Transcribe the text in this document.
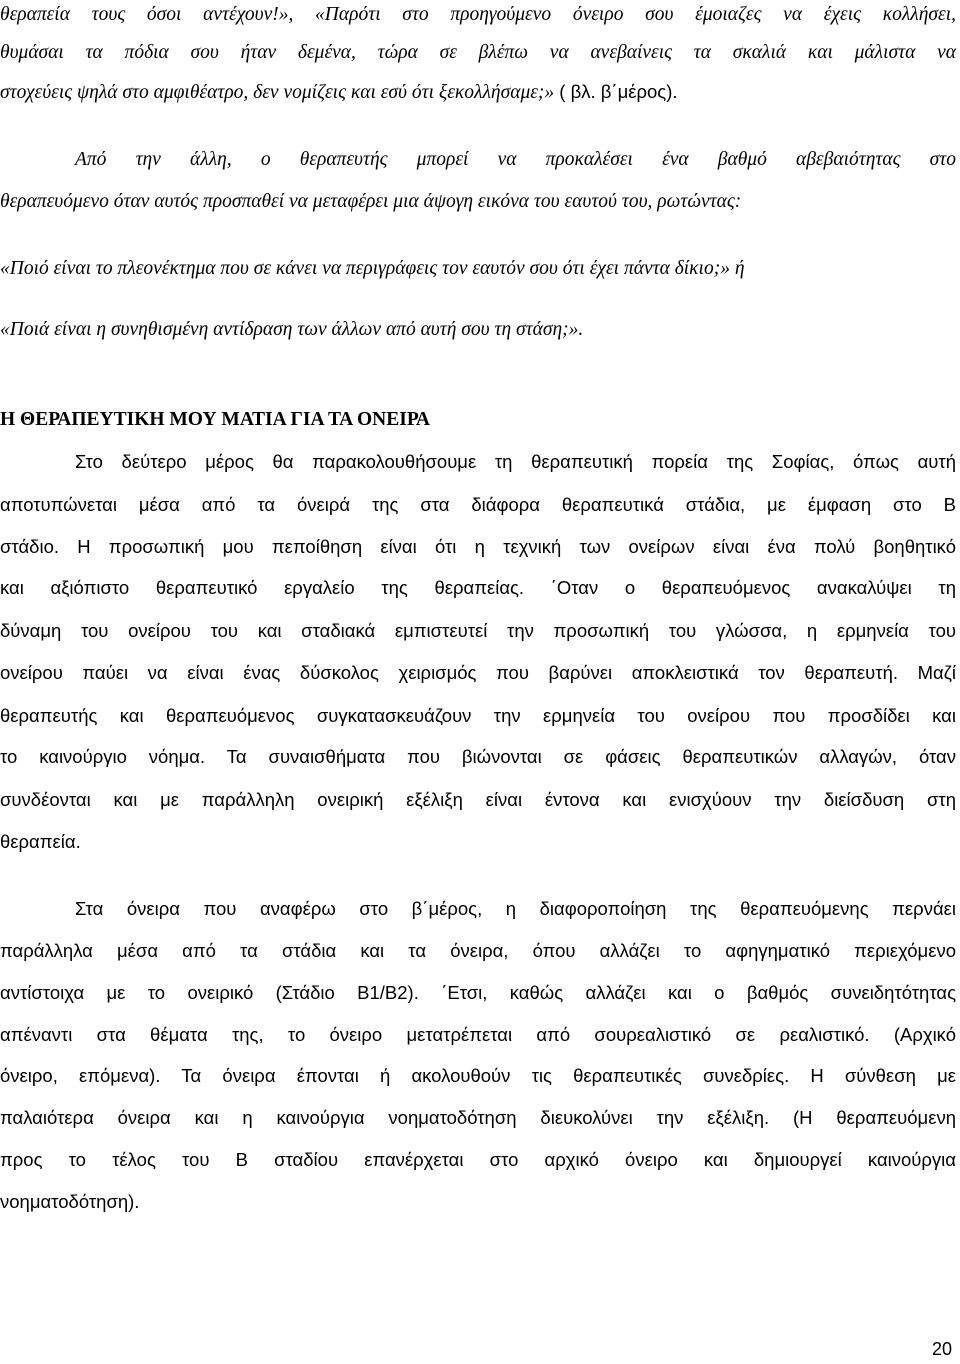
θεραπεία τους όσοι αντέχουν!», «Παρότι στο προηγούμενο όνειρο σου έμοιαζες να έχεις κολλήσει,
θυμάσαι τα πόδια σου ήταν δεμένα, τώρα σε βλέπω να ανεβαίνεις τα σκαλιά και μάλιστα να
στοχεύεις ψηλά στο αμφιθέατρο, δεν νομίζεις και εσύ ότι ξεκολλήσαμε;» ( βλ. β΄μέρος).
Από την άλλη, ο θεραπευτής μπορεί να προκαλέσει ένα βαθμό αβεβαιότητας στο
θεραπευόμενο όταν αυτός προσπαθεί να μεταφέρει μια άψογη εικόνα του εαυτού του, ρωτώντας:
«Ποιό είναι το πλεονέκτημα που σε κάνει να περιγράφεις τον εαυτόν σου ότι έχει πάντα δίκιο;» ή
«Ποιά είναι η συνηθισμένη αντίδραση των άλλων από αυτή σου τη στάση;».
Η ΘΕΡΑΠΕΥΤΙΚΗ ΜΟΥ ΜΑΤΙΑ ΓΙΑ ΤΑ ΟΝΕΙΡΑ
Στο δεύτερο μέρος θα παρακολουθήσουμε τη θεραπευτική πορεία της Σοφίας, όπως αυτή
αποτυπώνεται μέσα από τα όνειρά της στα διάφορα θεραπευτικά στάδια, με έμφαση στο Β
στάδιο. Η προσωπική μου πεποίθηση είναι ότι η τεχνική των ονείρων είναι ένα πολύ βοηθητικό
και αξιόπιστο θεραπευτικό εργαλείο της θεραπείας. ΄Οταν ο θεραπευόμενος ανακαλύψει τη
δύναμη του ονείρου του και σταδιακά εμπιστευτεί την προσωπική του γλώσσα, η ερμηνεία του
ονείρου παύει να είναι ένας δύσκολος χειρισμός που βαρύνει αποκλειστικά τον θεραπευτή. Μαζί
θεραπευτής και θεραπευόμενος συγκατασκευάζουν την ερμηνεία του ονείρου που προσδίδει και
το καινούργιο νόημα. Τα συναισθήματα που βιώνονται σε φάσεις θεραπευτικών αλλαγών, όταν
συνδέονται και με παράλληλη ονειρική εξέλιξη είναι έντονα και ενισχύουν την διείσδυση στη
θεραπεία.
Στα όνειρα που αναφέρω στο β΄μέρος, η διαφοροποίηση της θεραπευόμενης περνάει
παράλληλα μέσα από τα στάδια και τα όνειρα, όπου αλλάζει το αφηγηματικό περιεχόμενο
αντίστοιχα με το ονειρικό (Στάδιο Β1/Β2). ΄Ετσι, καθώς αλλάζει και ο βαθμός συνειδητότητας
απέναντι στα θέματα της, το όνειρο μετατρέπεται από σουρεαλιστικό σε ρεαλιστικό. (Αρχικό
όνειρο, επόμενα). Τα όνειρα έπονται ή ακολουθούν τις θεραπευτικές συνεδρίες. Η σύνθεση με
παλαιότερα όνειρα και η καινούργια νοηματοδότηση διευκολύνει την εξέλιξη. (Η θεραπευόμενη
προς το τέλος του Β σταδίου επανέρχεται στο αρχικό όνειρο και δημιουργεί καινούργια
νοηματοδότηση).
20
